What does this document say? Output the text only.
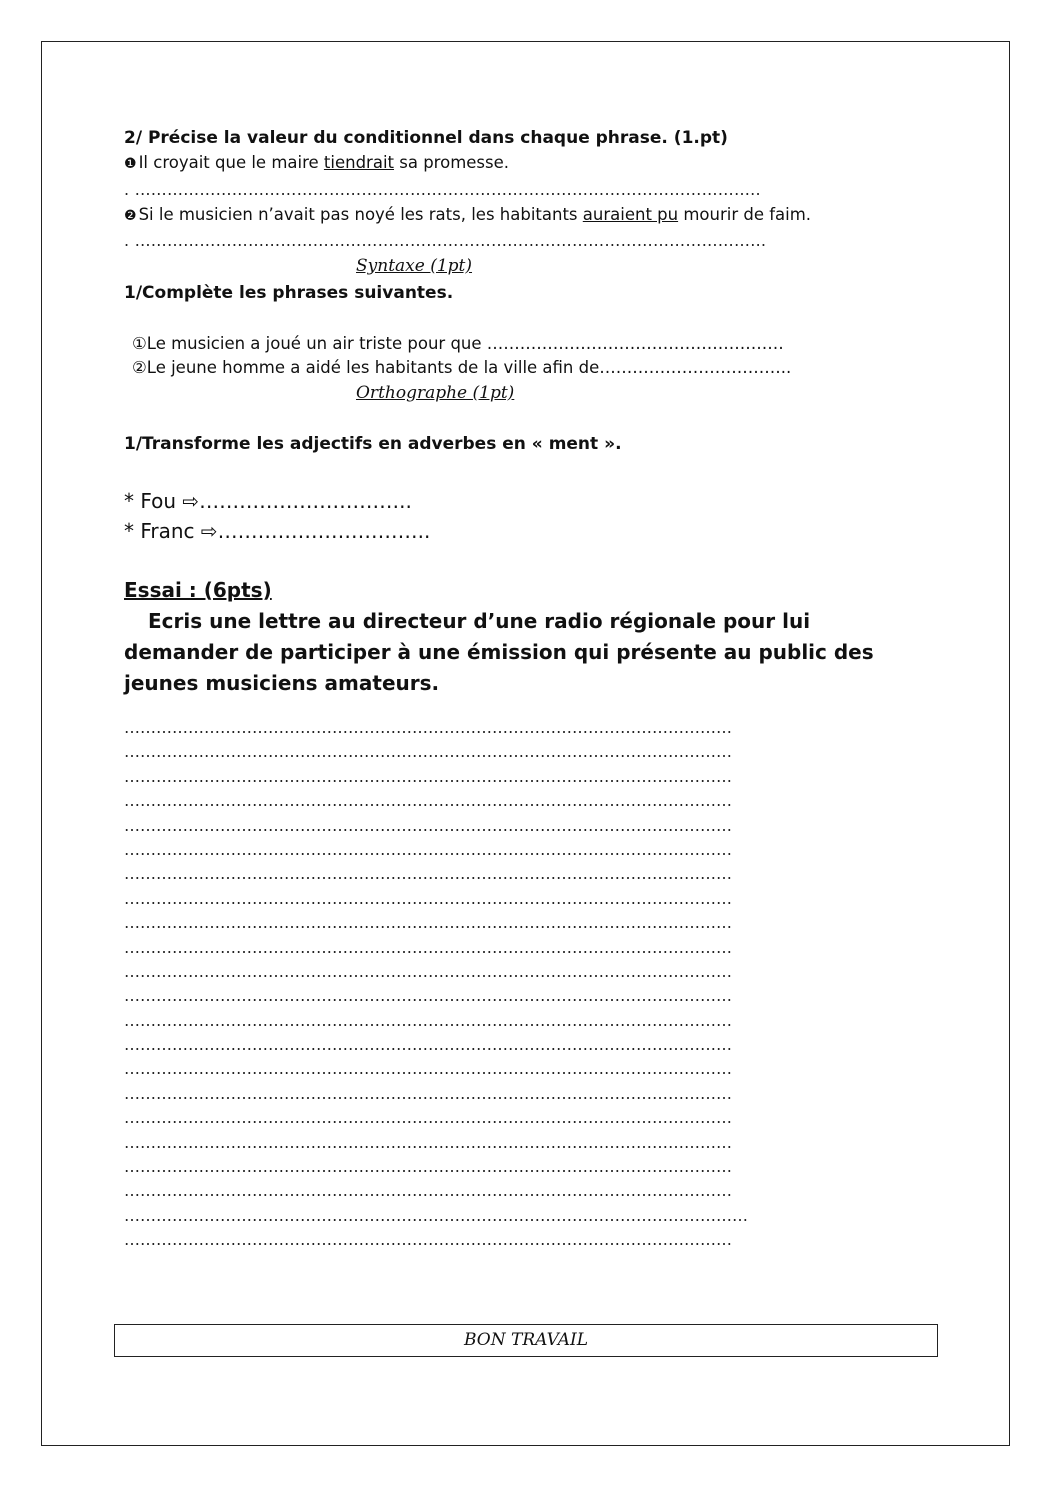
2/ Précise la valeur du conditionnel dans chaque phrase. (1.pt)
❶ Il croyait que le maire tiendrait sa promesse.
. ……………………………………………………………………………………………………..
❷ Si le musicien n’avait pas noyé les rats, les habitants auraient pu mourir de faim.
. ………………………………………………………………………………………………………
Syntaxe (1pt)
1/Complète les phrases suivantes.
①Le musicien a joué un air triste pour que ………………………………………………
②Le jeune homme a aidé les habitants de la ville afin de……………………………..
Orthographe (1pt)
1/Transforme les adjectifs en adverbes en « ment ».
* Fou ⇨…………………………..
* Franc ⇨…………………………..
Essai : (6pts)
Ecris une lettre au directeur d’une radio régionale pour lui demander de participer à une émission qui présente au public des jeunes musiciens amateurs.
……………………………………………………………………………………………………
……………………………………………………………………………………………………
……………………………………………………………………………………………………
……………………………………………………………………………………………………
……………………………………………………………………………………………………
……………………………………………………………………………………………………
……………………………………………………………………………………………………
……………………………………………………………………………………………………
……………………………………………………………………………………………………
……………………………………………………………………………………………………
……………………………………………………………………………………………………
……………………………………………………………………………………………………
……………………………………………………………………………………………………
……………………………………………………………………………………………………
……………………………………………………………………………………………………
……………………………………………………………………………………………………
……………………………………………………………………………………………………
……………………………………………………………………………………………………
……………………………………………………………………………………………………
……………………………………………………………………………………………………
………………………………………………………………………………………………………
……………………………………………………………………………………………………
BON TRAVAIL
